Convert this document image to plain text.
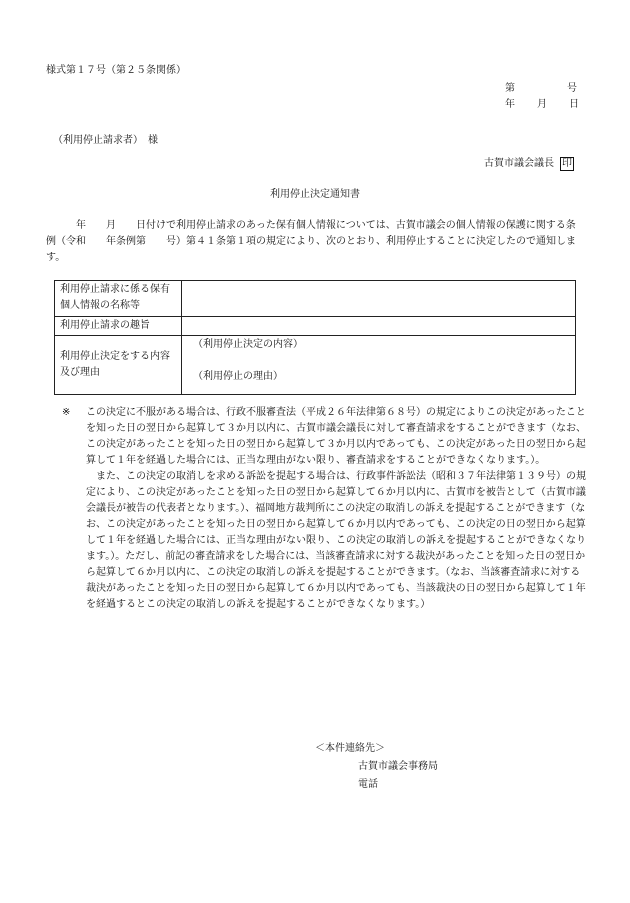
様式第１７号（第２５条関係）
第	号
年 月 日
（利用停止請求者）　様
古賀市議会議長 印
利用停止決定通知書
　　　年　　月　　日付けで利用停止請求のあった保有個人情報については、古賀市議会の個人情報の保護に関する条例（令和　　年条例第　　号）第４１条第１項の規定により、次のとおり、利用停止することに決定したので通知します。
利用停止請求に係る保有個人情報の名称等	
利用停止請求の趣旨	
利用停止決定をする内容及び理由	（利用停止決定の内容）
（利用停止の理由）

※ この決定に不服がある場合は、行政不服審査法（平成２６年法律第６８号）の規定によりこの決定があったことを知った日の翌日から起算して３か月以内に、古賀市議会議長に対して審査請求をすることができます（なお、この決定があったことを知った日の翌日から起算して３か月以内であっても、この決定があった日の翌日から起算して１年を経過した場合には、正当な理由がない限り、審査請求をすることができなくなります。）。

また、この決定の取消しを求める訴訟を提起する場合は、行政事件訴訟法（昭和３７年法律第１３９号）の規定により、この決定があったことを知った日の翌日から起算して６か月以内に、古賀市を被告として（古賀市議会議長が被告の代表者となります。）、福岡地方裁判所にこの決定の取消しの訴えを提起することができます（なお、この決定があったことを知った日の翌日から起算して６か月以内であっても、この決定の日の翌日から起算して１年を経過した場合には、正当な理由がない限り、この決定の取消しの訴えを提起することができなくなります。）。ただし、前記の審査請求をした場合には、当該審査請求に対する裁決があったことを知った日の翌日から起算して６か月以内に、この決定の取消しの訴えを提起することができます。（なお、当該審査請求に対する裁決があったことを知った日の翌日から起算して６か月以内であっても、当該裁決の日の翌日から起算して１年を経過するとこの決定の取消しの訴えを提起することができなくなります。）

＜本件連絡先＞
古賀市議会事務局
電話
